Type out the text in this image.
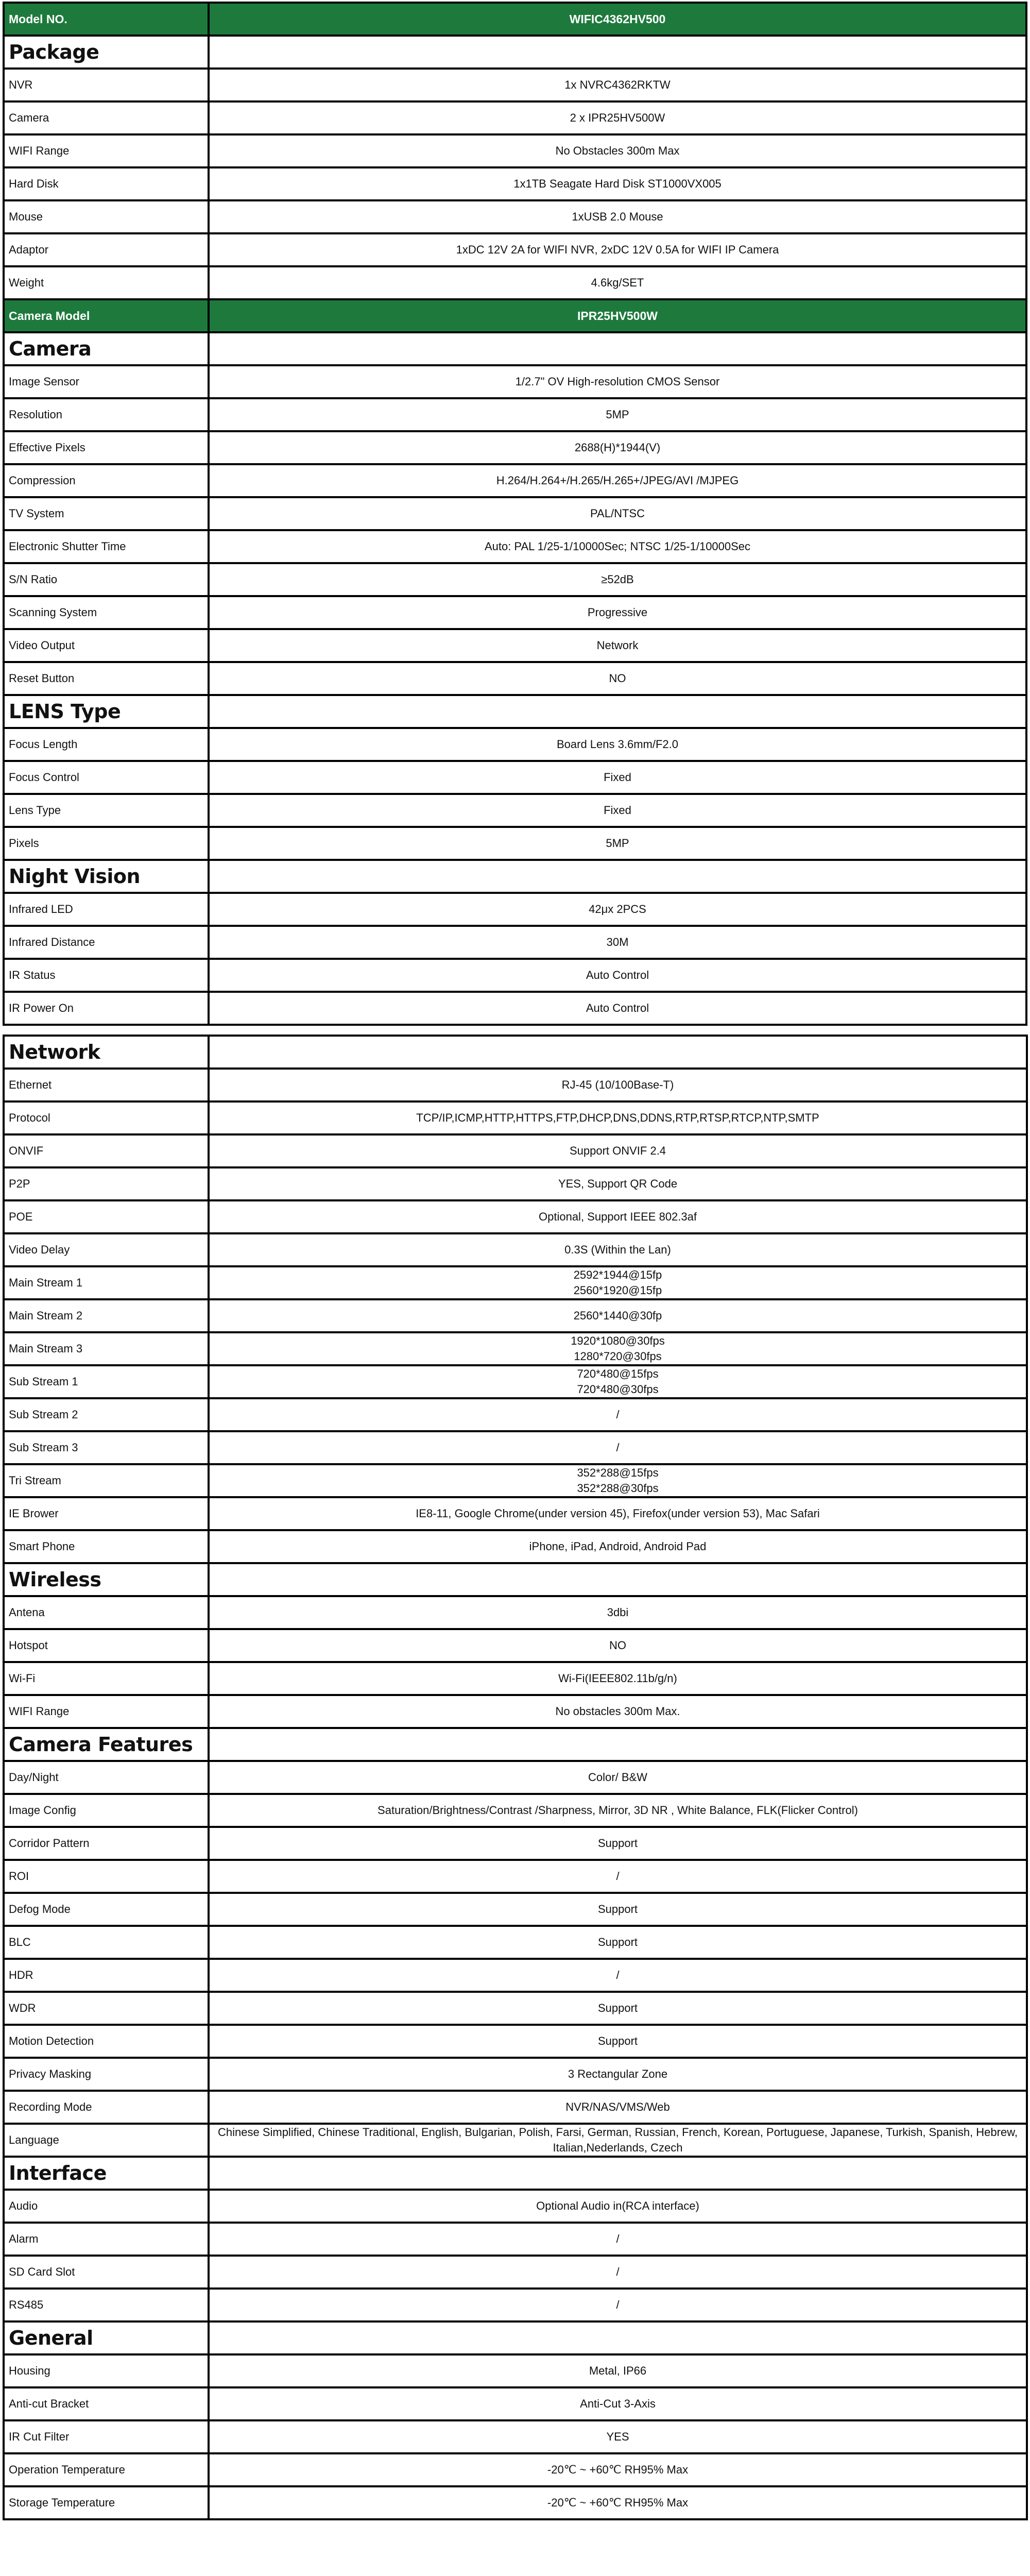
Model NO.	WIFIC4362HV500

Package	

NVR	1x NVRC4362RKTW

Camera	2 x IPR25HV500W

WIFI Range	No Obstacles 300m Max

Hard Disk	1x1TB Seagate Hard Disk ST1000VX005

Mouse	1xUSB 2.0 Mouse

Adaptor	1xDC 12V 2A for WIFI NVR, 2xDC 12V 0.5A for WIFI IP Camera

Weight	4.6kg/SET

Camera Model	IPR25HV500W

Camera	

Image Sensor	1/2.7" OV High-resolution CMOS Sensor

Resolution	5MP

Effective Pixels	2688(H)*1944(V)

Compression	H.264/H.264+/H.265/H.265+/JPEG/AVI /MJPEG

TV System	PAL/NTSC

Electronic Shutter Time	Auto: PAL 1/25-1/10000Sec; NTSC 1/25-1/10000Sec

S/N Ratio	≥52dB

Scanning System	Progressive

Video Output	Network

Reset Button	NO

LENS Type	

Focus Length	Board Lens 3.6mm/F2.0

Focus Control	Fixed

Lens Type	Fixed

Pixels	5MP

Night Vision	

Infrared LED	42μx 2PCS

Infrared Distance	30M

IR Status	Auto Control

IR Power On	Auto Control
Network	

Ethernet	RJ-45 (10/100Base-T)

Protocol	TCP/IP,ICMP,HTTP,HTTPS,FTP,DHCP,DNS,DDNS,RTP,RTSP,RTCP,NTP,SMTP

ONVIF	Support ONVIF 2.4

P2P	YES, Support QR Code

POE	Optional, Support IEEE 802.3af

Video Delay	0.3S (Within the Lan)

Main Stream 1	2592*1944@15fp
2560*1920@15fp

Main Stream 2	2560*1440@30fp

Main Stream 3	1920*1080@30fps
1280*720@30fps

Sub Stream 1	720*480@15fps
720*480@30fps

Sub Stream 2	/

Sub Stream 3	/

Tri Stream	352*288@15fps
352*288@30fps

IE Brower	IE8-11, Google Chrome(under version 45), Firefox(under version 53), Mac Safari

Smart Phone	iPhone, iPad, Android, Android Pad

Wireless	

Antena	3dbi

Hotspot	NO

Wi-Fi	Wi-Fi(IEEE802.11b/g/n)

WIFI Range	No obstacles 300m Max.

Camera Features	

Day/Night	Color/ B&W

Image Config	Saturation/Brightness/Contrast /Sharpness, Mirror, 3D NR , White Balance, FLK(Flicker Control)

Corridor Pattern	Support

ROI	/

Defog Mode	Support

BLC	Support

HDR	/

WDR	Support

Motion Detection	Support

Privacy Masking	3 Rectangular Zone

Recording Mode	NVR/NAS/VMS/Web

Language	Chinese Simplified, Chinese Traditional, English, Bulgarian, Polish, Farsi, German, Russian, French, Korean, Portuguese, Japanese, Turkish, Spanish, Hebrew,
Italian,Nederlands, Czech

Interface	

Audio	Optional Audio in(RCA interface)

Alarm	/

SD Card Slot	/

RS485	/

General	

Housing	Metal, IP66

Anti-cut Bracket	Anti-Cut 3-Axis

IR Cut Filter	YES

Operation Temperature	-20℃ ~ +60℃ RH95% Max

Storage Temperature	-20℃ ~ +60℃ RH95% Max
